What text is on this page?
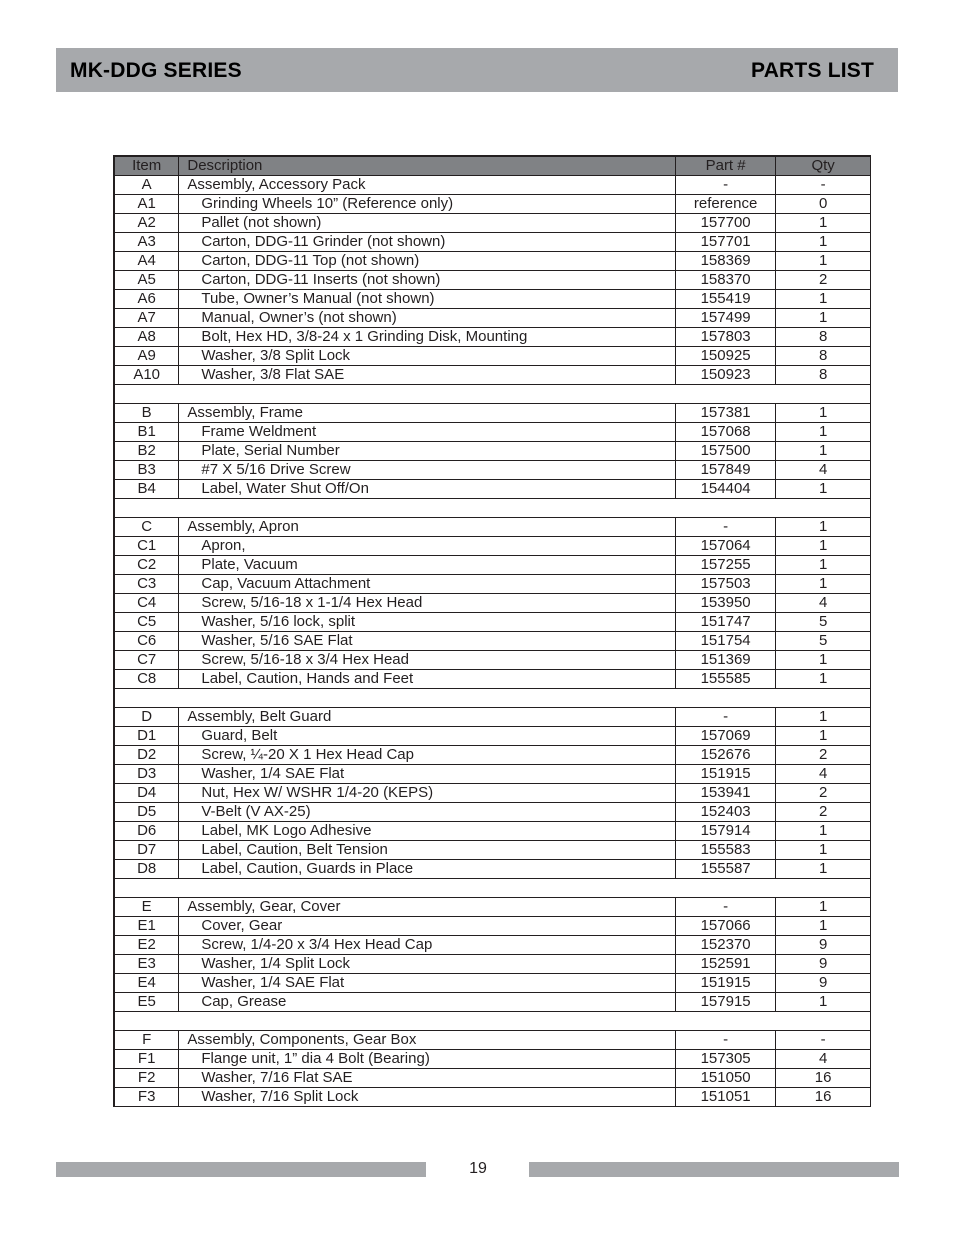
MK-DDG SERIES	PARTS LIST
Item	Description	Part #	Qty
A	Assembly, Accessory Pack	-	-
A1	Grinding Wheels 10” (Reference only)	reference	0
A2	Pallet (not shown)	157700	1
A3	Carton, DDG-11 Grinder (not shown)	157701	1
A4	Carton, DDG-11 Top (not shown)	158369	1
A5	Carton, DDG-11 Inserts (not shown)	158370	2
A6	Tube, Owner’s Manual (not shown)	155419	1
A7	Manual, Owner’s (not shown)	157499	1
A8	Bolt, Hex HD, 3/8-24 x 1 Grinding Disk, Mounting	157803	8
A9	Washer, 3/8 Split Lock	150925	8
A10	Washer, 3/8 Flat SAE	150923	8

B	Assembly, Frame	157381	1
B1	Frame Weldment	157068	1
B2	Plate, Serial Number	157500	1
B3	#7 X 5/16 Drive Screw	157849	4
B4	Label, Water Shut Off/On	154404	1

C	Assembly, Apron	-	1
C1	Apron,	157064	1
C2	Plate, Vacuum	157255	1
C3	Cap, Vacuum Attachment	157503	1
C4	Screw, 5/16-18 x 1-1/4 Hex Head	153950	4
C5	Washer, 5/16 lock, split	151747	5
C6	Washer, 5/16 SAE Flat	151754	5
C7	Screw, 5/16-18 x 3/4 Hex Head	151369	1
C8	Label, Caution, Hands and Feet	155585	1

D	Assembly, Belt Guard	-	1
D1	Guard, Belt	157069	1
D2	Screw, ¼-20 X 1 Hex Head Cap	152676	2
D3	Washer, 1/4 SAE Flat	151915	4
D4	Nut, Hex W/ WSHR 1/4-20 (KEPS)	153941	2
D5	V-Belt (V AX-25)	152403	2
D6	Label, MK Logo Adhesive	157914	1
D7	Label, Caution, Belt Tension	155583	1
D8	Label, Caution, Guards in Place	155587	1

E	Assembly, Gear, Cover	-	1
E1	Cover, Gear	157066	1
E2	Screw, 1/4-20 x 3/4 Hex Head Cap	152370	9
E3	Washer, 1/4 Split Lock	152591	9
E4	Washer, 1/4 SAE Flat	151915	9
E5	Cap, Grease	157915	1

F	Assembly, Components, Gear Box	-	-
F1	Flange unit, 1” dia 4 Bolt (Bearing)	157305	4
F2	Washer, 7/16 Flat SAE	151050	16
F3	Washer, 7/16 Split Lock	151051	16
19
